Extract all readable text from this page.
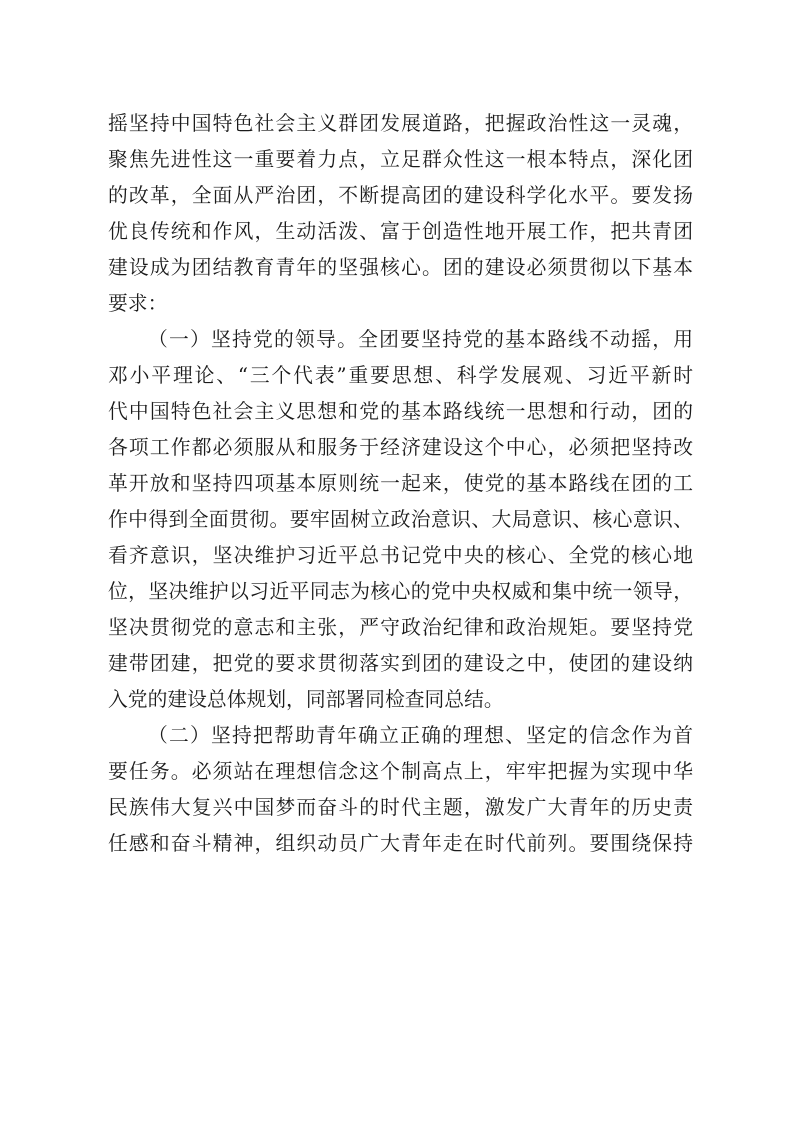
摇坚持中国特色社会主义群团发展道路，把握政治性这一灵魂，
聚焦先进性这一重要着力点，立足群众性这一根本特点，深化团
的改革，全面从严治团，不断提高团的建设科学化水平。要发扬
优良传统和作风，生动活泼、富于创造性地开展工作，把共青团
建设成为团结教育青年的坚强核心。团的建设必须贯彻以下基本
要求：
（一）坚持党的领导。全团要坚持党的基本路线不动摇，用
邓小平理论、“三个代表”重要思想、科学发展观、习近平新时
代中国特色社会主义思想和党的基本路线统一思想和行动，团的
各项工作都必须服从和服务于经济建设这个中心，必须把坚持改
革开放和坚持四项基本原则统一起来，使党的基本路线在团的工
作中得到全面贯彻。要牢固树立政治意识、大局意识、核心意识、
看齐意识，坚决维护习近平总书记党中央的核心、全党的核心地
位，坚决维护以习近平同志为核心的党中央权威和集中统一领导，
坚决贯彻党的意志和主张，严守政治纪律和政治规矩。要坚持党
建带团建，把党的要求贯彻落实到团的建设之中，使团的建设纳
入党的建设总体规划，同部署同检查同总结。
（二）坚持把帮助青年确立正确的理想、坚定的信念作为首
要任务。必须站在理想信念这个制高点上，牢牢把握为实现中华
民族伟大复兴中国梦而奋斗的时代主题，激发广大青年的历史责
任感和奋斗精神，组织动员广大青年走在时代前列。要围绕保持
